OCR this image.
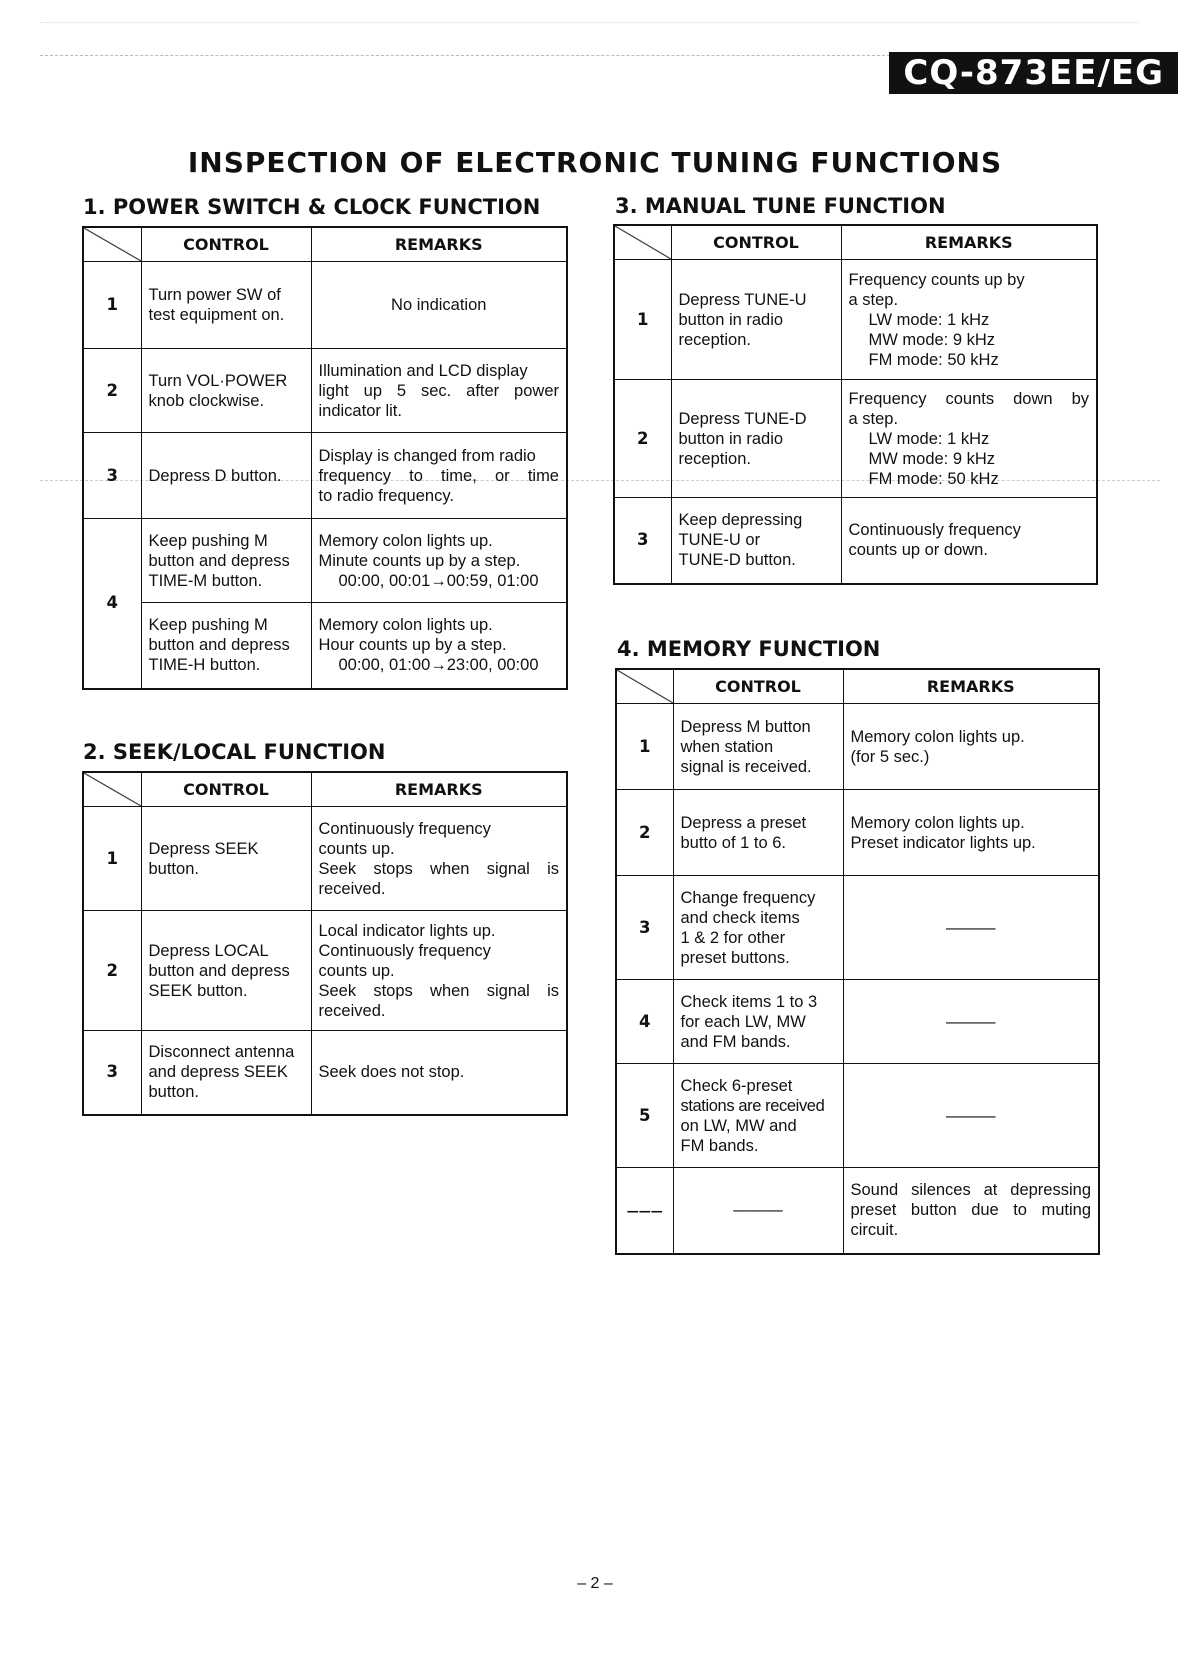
CQ-873EE/EG
INSPECTION OF ELECTRONIC TUNING FUNCTIONS
1. POWER SWITCH & CLOCK FUNCTION
	CONTROL	REMARKS
1	Turn power SW of
test equipment on.	No indication

2	Turn VOL·POWER
knob clockwise.	Illumination and LCD display
light up 5 sec. after power
indicator lit.

3	Depress D button.	Display is changed from radio
frequency to time, or time
to radio frequency.

4	Keep pushing M
button and depress
TIME-M button.	Memory colon lights up.
Minute counts up by a step.
00:00, 00:01→00:59, 01:00

	Keep pushing M
button and depress
TIME-H button.	Memory colon lights up.
Hour counts up by a step.
00:00, 01:00→23:00, 00:00
2. SEEK/LOCAL FUNCTION
	CONTROL	REMARKS
1	Depress SEEK
button.	Continuously frequency
counts up.
Seek stops when signal is
received.

2	Depress LOCAL
button and depress
SEEK button.	Local indicator lights up.
Continuously frequency
counts up.
Seek stops when signal is
received.

3	Disconnect antenna
and depress SEEK
button.	Seek does not stop.
3. MANUAL TUNE FUNCTION
	CONTROL	REMARKS
1	Depress TUNE-U
button in radio
reception.	Frequency counts up by
a step.
LW mode: 1 kHz
MW mode: 9 kHz
FM mode: 50 kHz

2	Depress TUNE-D
button in radio
reception.	Frequency counts down by
a step.
LW mode: 1 kHz
MW mode: 9 kHz
FM mode: 50 kHz

3	Keep depressing
TUNE-U or
TUNE-D button.	Continuously frequency
counts up or down.
4. MEMORY FUNCTION
	CONTROL	REMARKS
1	Depress M button
when station
signal is received.	Memory colon lights up.
(for 5 sec.)

2	Depress a preset
butto of 1 to 6.	Memory colon lights up.
Preset indicator lights up.

3	Change frequency
and check items
1 & 2 for other
preset buttons.	———
4	Check items 1 to 3
for each LW, MW
and FM bands.	———
5	Check 6-preset
stations are received
on LW, MW and
FM bands.	———
———	———	Sound silences at depressing
preset button due to muting
circuit.
– 2 –
